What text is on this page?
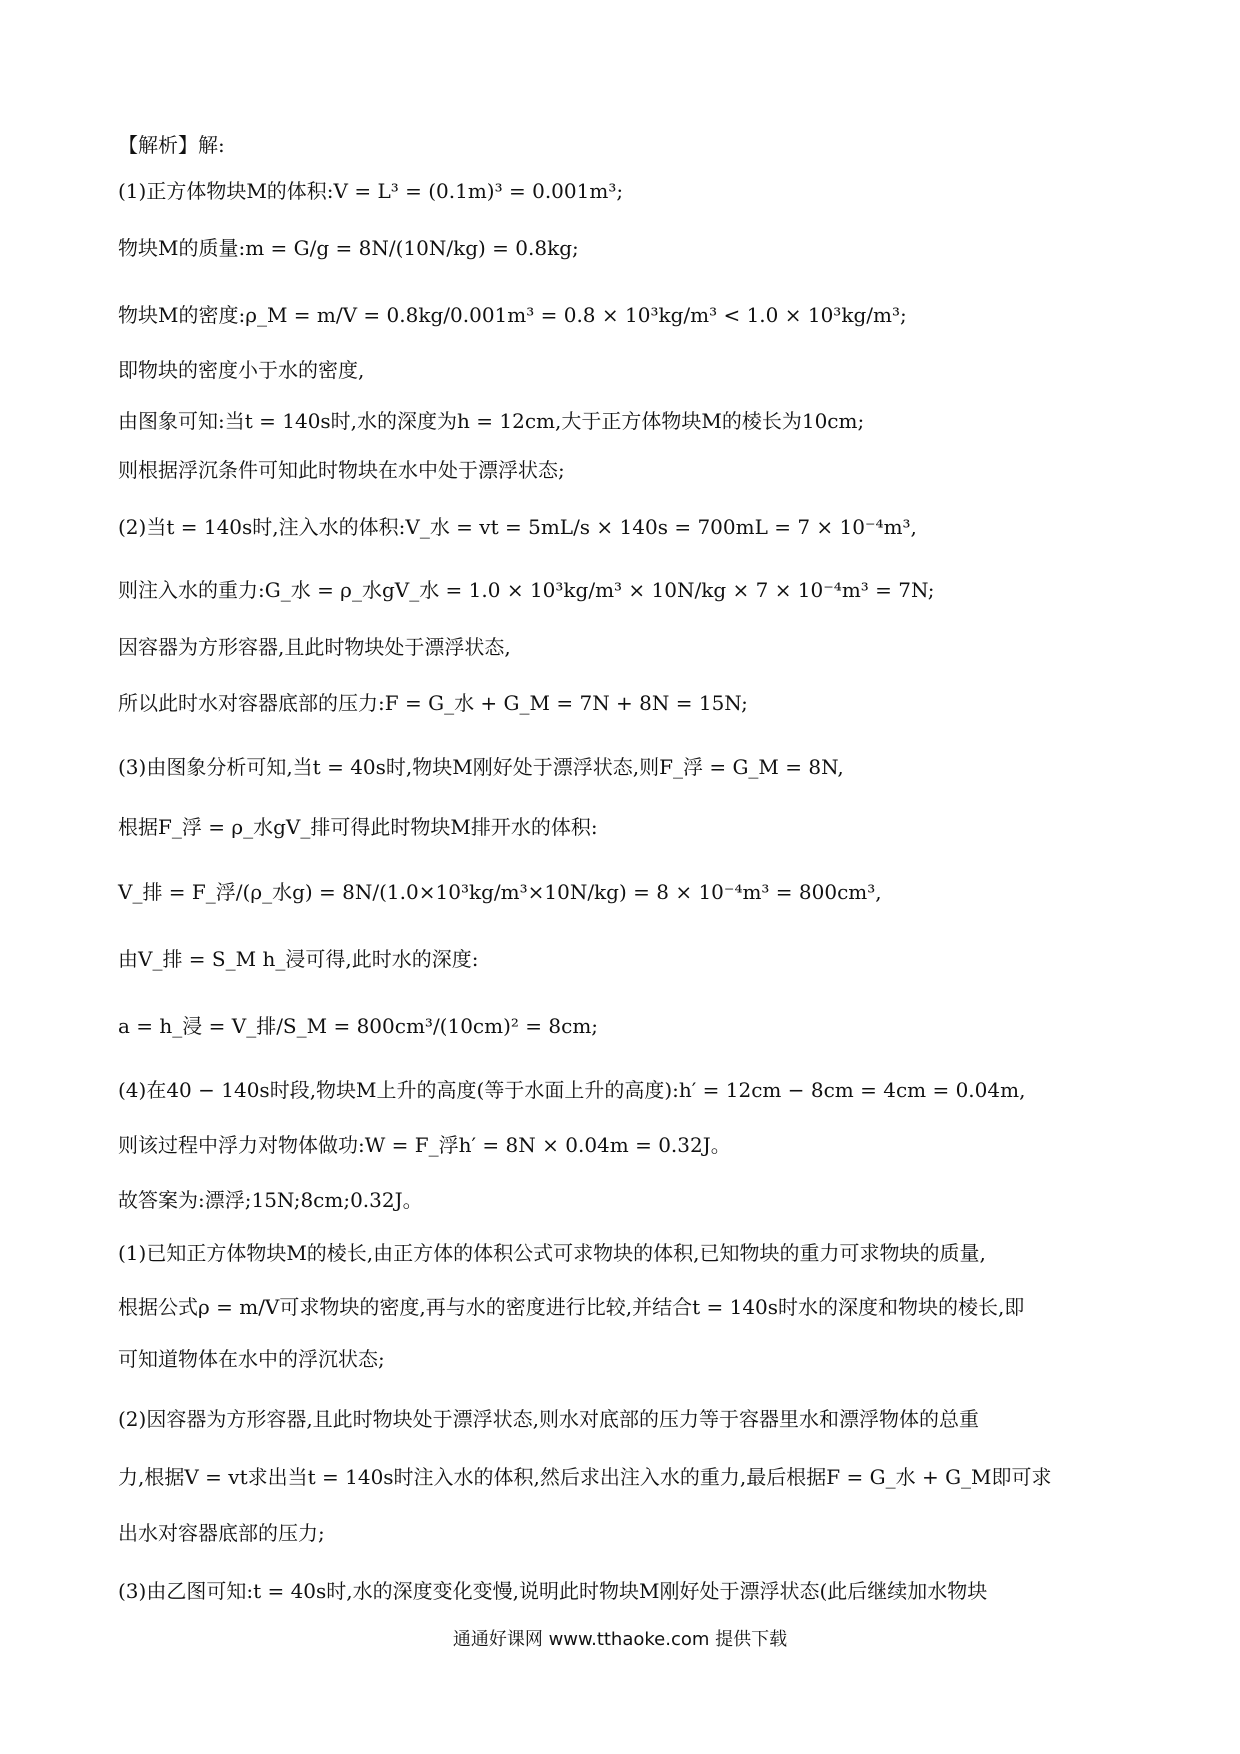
【解析】解:
(1)正方体物块M的体积:V = L³ = (0.1m)³ = 0.001m³;
物块M的质量:m = G/g = 8N/(10N/kg) = 0.8kg;
物块M的密度:ρ_M = m/V = 0.8kg/0.001m³ = 0.8 × 10³kg/m³ < 1.0 × 10³kg/m³;
即物块的密度小于水的密度,
由图象可知:当t = 140s时,水的深度为h = 12cm,大于正方体物块M的棱长为10cm;
则根据浮沉条件可知此时物块在水中处于漂浮状态;
(2)当t = 140s时,注入水的体积:V_水 = vt = 5mL/s × 140s = 700mL = 7 × 10⁻⁴m³,
则注入水的重力:G_水 = ρ_水gV_水 = 1.0 × 10³kg/m³ × 10N/kg × 7 × 10⁻⁴m³ = 7N;
因容器为方形容器,且此时物块处于漂浮状态,
所以此时水对容器底部的压力:F = G_水 + G_M = 7N + 8N = 15N;
(3)由图象分析可知,当t = 40s时,物块M刚好处于漂浮状态,则F_浮 = G_M = 8N,
根据F_浮 = ρ_水gV_排可得此时物块M排开水的体积:
V_排 = F_浮/(ρ_水g) = 8N/(1.0×10³kg/m³×10N/kg) = 8 × 10⁻⁴m³ = 800cm³,
由V_排 = S_M h_浸可得,此时水的深度:
a = h_浸 = V_排/S_M = 800cm³/(10cm)² = 8cm;
(4)在40 − 140s时段,物块M上升的高度(等于水面上升的高度):h′ = 12cm − 8cm = 4cm = 0.04m,
则该过程中浮力对物体做功:W = F_浮h′ = 8N × 0.04m = 0.32J。
故答案为:漂浮;15N;8cm;0.32J。
(1)已知正方体物块M的棱长,由正方体的体积公式可求物块的体积,已知物块的重力可求物块的质量,
根据公式ρ = m/V可求物块的密度,再与水的密度进行比较,并结合t = 140s时水的深度和物块的棱长,即
可知道物体在水中的浮沉状态;
(2)因容器为方形容器,且此时物块处于漂浮状态,则水对底部的压力等于容器里水和漂浮物体的总重
力,根据V = vt求出当t = 140s时注入水的体积,然后求出注入水的重力,最后根据F = G_水 + G_M即可求
出水对容器底部的压力;
(3)由乙图可知:t = 40s时,水的深度变化变慢,说明此时物块M刚好处于漂浮状态(此后继续加水物块
通通好课网 www.tthaoke.com 提供下载
